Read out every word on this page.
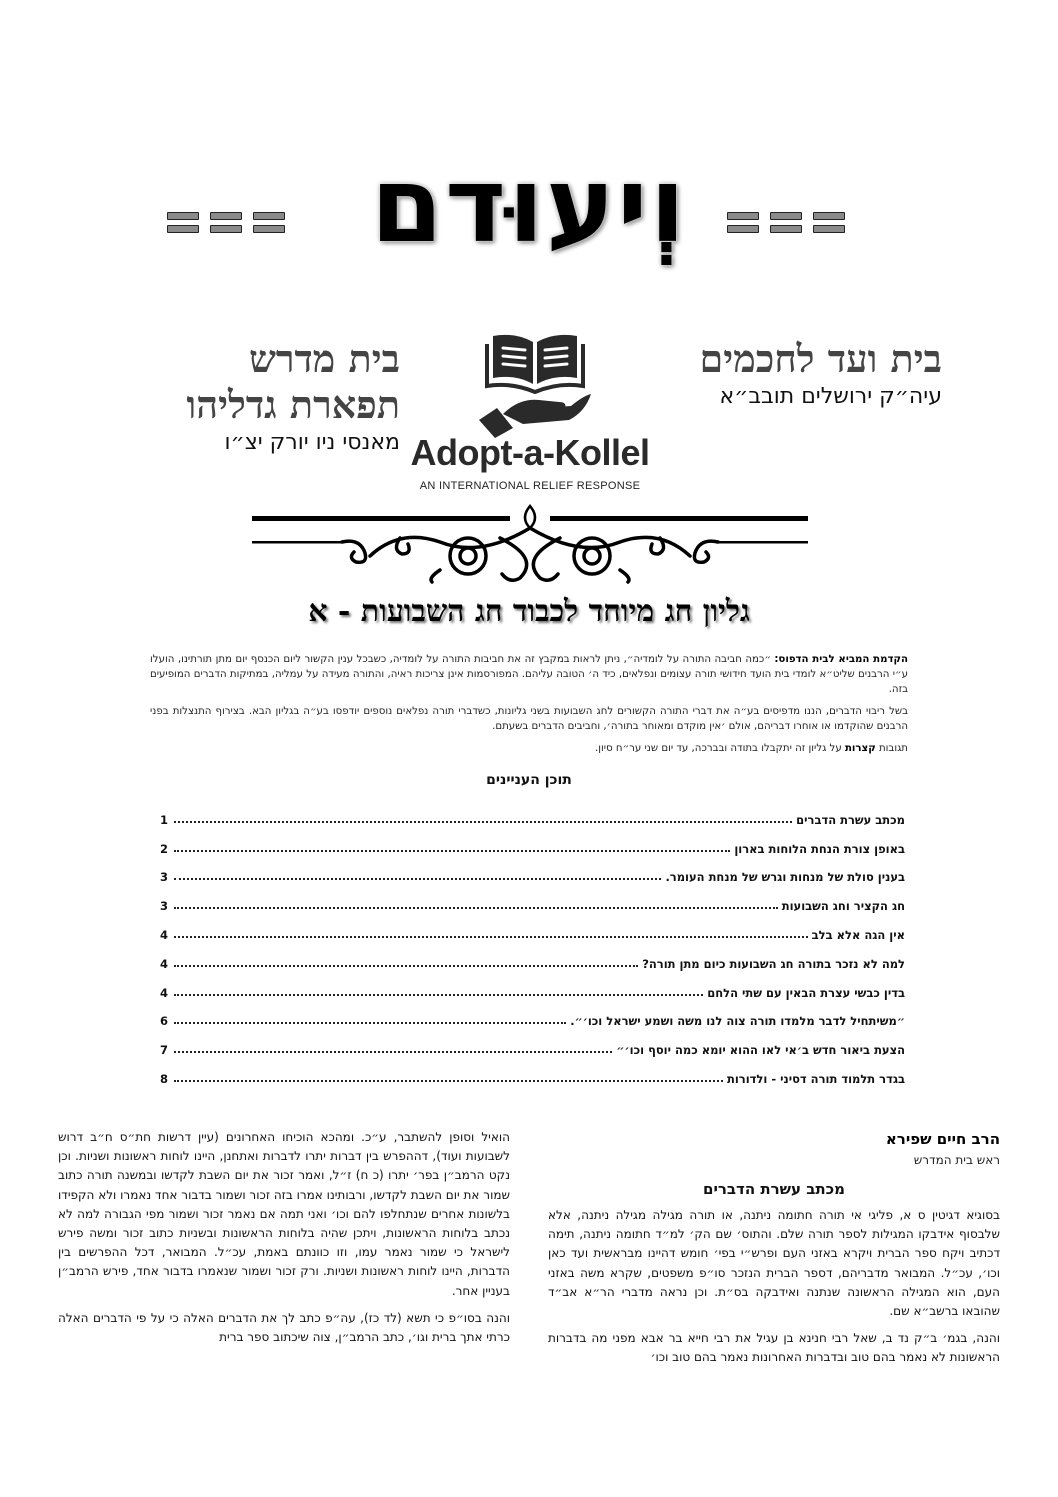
וְיעוּדם
בית ועד לחכמים
עיה״ק ירושלים תובב״א
בית מדרש
תפארת גדליהו
מאנסי ניו יורק יצ״ו Adopt-a-Kollel
AN INTERNATIONAL RELIEF RESPONSE
גליון חג מיוחד לכבוד חג השבועות - א

הקדמת המביא לבית הדפוס: ״כמה חביבה התורה על לומדיה״, ניתן לראות במקבץ זה את חביבות התורה על לומדיה, כשבכל ענין הקשור ליום הכנסף יום מתן תורתינו, הועלו ע״י הרבנים שליט״א לומדי בית הועד חידושי תורה עצומים ונפלאים, כיד ה׳ הטובה עליהם. המפורסמות אינן צריכות ראיה, והתורה מעידה על עמליה, במתיקות הדברים המופיעים בזה.

בשל ריבוי הדברים, הננו מדפיסים בע״ה את דברי התורה הקשורים לחג השבועות בשני גליונות, כשדברי תורה נפלאים נוספים יודפסו בע״ה בגליון הבא. בצירוף התנצלות בפני הרבנים שהוקדמו או אוחרו דבריהם, אולם ׳אין מוקדם ומאוחר בתורה׳, וחביבים הדברים בשעתם.

תגובות קצרות על גליון זה יתקבלו בתודה ובברכה, עד יום שני ער״ח סיון.

תוכן העניינים
מכתב עשרת הדברים
1
באופן צורת הנחת הלוחות בארון
2
בענין סולת של מנחות וגרש של מנחת העומר.
3
חג הקציר וחג השבועות
3
אין הגה אלא בלב
4
למה לא נזכר בתורה חג השבועות כיום מתן תורה?
4
בדין כבשי עצרת הבאין עם שתי הלחם
4
״משיתחיל לדבר מלמדו תורה צוה לנו משה ושמע ישראל וכו׳״.
6
הצעת ביאור חדש ב׳אי לאו ההוא יומא כמה יוסף וכו׳״
7
בגדר תלמוד תורה דסיני - ולדורות
8
הרב חיים שפירא
ראש בית המדרש
מכתב עשרת הדברים

בסוגיא דגיטין ס א, פליגי אי תורה חתומה ניתנה, או תורה מגילה מגילה ניתנה, אלא שלבסוף אידבקו המגילות לספר תורה שלם. והתוס׳ שם הק׳ למ״ד חתומה ניתנה, תימה דכתיב ויקח ספר הברית ויקרא באזני העם ופרש״י בפי׳ חומש דהיינו מבראשית ועד כאן וכו׳, עכ״ל. המבואר מדבריהם, דספר הברית הנזכר סו״פ משפטים, שקרא משה באזני העם, הוא המגילה הראשונה שנתנה ואידבקה בס״ת. וכן נראה מדברי הר״א אב״ד שהובאו ברשב״א שם.

והנה, בגמ׳ ב״ק נד ב, שאל רבי חנינא בן עגיל את רבי חייא בר אבא מפני מה בדברות הראשונות לא נאמר בהם טוב ובדברות האחרונות נאמר בהם טוב וכו׳

הואיל וסופן להשתבר, ע״כ. ומהכא הוכיחו האחרונים (עיין דרשות חת״ס ח״ב דרוש לשבועות ועוד), דההפרש בין דברות יתרו לדברות ואתחנן, היינו לוחות ראשונות ושניות. וכן נקט הרמב״ן בפר׳ יתרו (כ ח) ז״ל, ואמר זכור את יום השבת לקדשו ובמשנה תורה כתוב שמור את יום השבת לקדשו, ורבותינו אמרו בזה זכור ושמור בדבור אחד נאמרו ולא הקפידו בלשונות אחרים שנתחלפו להם וכו׳ ואני תמה אם נאמר זכור ושמור מפי הגבורה למה לא נכתב בלוחות הראשונות, ויתכן שהיה בלוחות הראשונות ובשניות כתוב זכור ומשה פירש לישראל כי שמור נאמר עמו, וזו כוונתם באמת, עכ״ל. המבואר, דכל ההפרשים בין הדברות, היינו לוחות ראשונות ושניות. ורק זכור ושמור שנאמרו בדבור אחד, פירש הרמב״ן בעניין אחר.

והנה בסו״פ כי תשא (לד כז), עה״פ כתב לך את הדברים האלה כי על פי הדברים האלה כרתי אתך ברית וגו׳, כתב הרמב״ן, צוה שיכתוב ספר ברית
